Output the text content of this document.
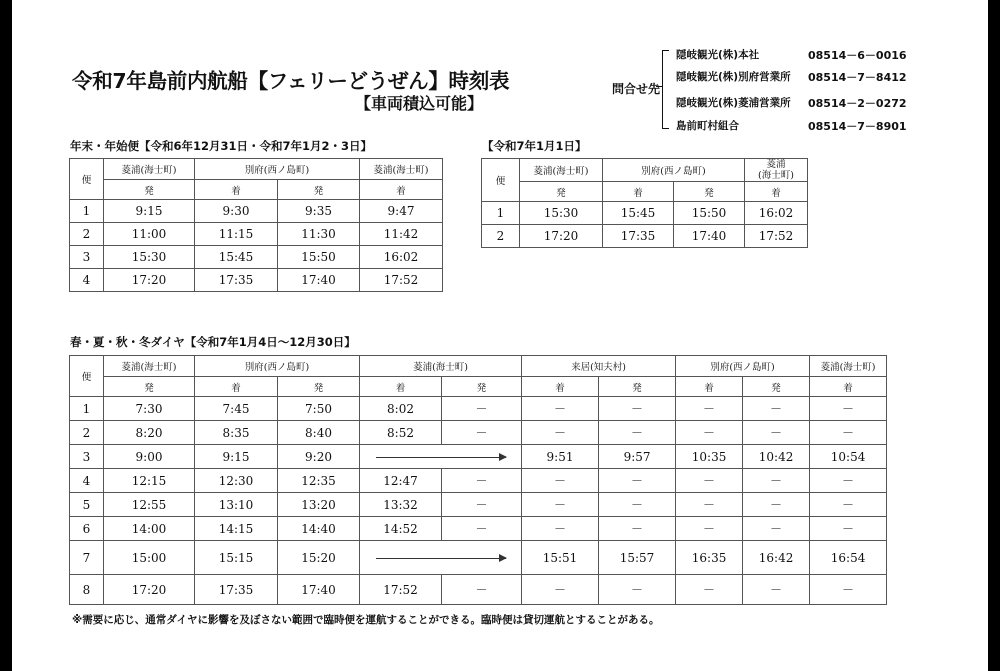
令和7年島前内航船【フェリーどうぜん】時刻表
【車両積込可能】
問合せ先
隠岐観光(株)本社	08514－6－0016
隠岐観光(株)別府営業所 08514－7－8412
隠岐観光(株)菱浦営業所 08514－2－0272
島前町村組合	08514－7－8901
年末・年始便【令和6年12月31日・令和7年1月2・3日】
便	菱浦(海士町)	別府(西ノ島町)		菱浦(海士町)
	発	着	発	着
1	9:15	9:30	9:35	9:47
2	11:00	11:15	11:30	11:42
3	15:30	15:45	15:50	16:02
4	17:20	17:35	17:40	17:52
【令和7年1月1日】
便	菱浦(海士町)	別府(西ノ島町)		菱浦
(海士町)
	発	着	発	着
1	15:30	15:45	15:50	16:02
2	17:20	17:35	17:40	17:52
春・夏・秋・冬ダイヤ【令和7年1月4日～12月30日】
便	菱浦(海士町)	別府(西ノ島町)		菱浦(海士町)		来居(知夫村)		別府(西ノ島町)		菱浦(海士町)
	発	着	発	着	発	着	発	着	発	着
1	7:30	7:45	7:50	8:02	－	－	－	－	－	－
2	8:20	8:35	8:40	8:52	－	－	－	－	－	－
3	9:00	9:15	9:20			9:51	9:57	10:35	10:42	10:54
4	12:15	12:30	12:35	12:47	－	－	－	－	－	－
5	12:55	13:10	13:20	13:32	－	－	－	－	－	－
6	14:00	14:15	14:40	14:52	－	－	－	－	－	－
7	15:00	15:15	15:20			15:51	15:57	16:35	16:42	16:54
8	17:20	17:35	17:40	17:52	－	－	－	－	－	－
※需要に応じ、通常ダイヤに影響を及ぼさない範囲で臨時便を運航することができる。臨時便は貸切運航とすることがある。
